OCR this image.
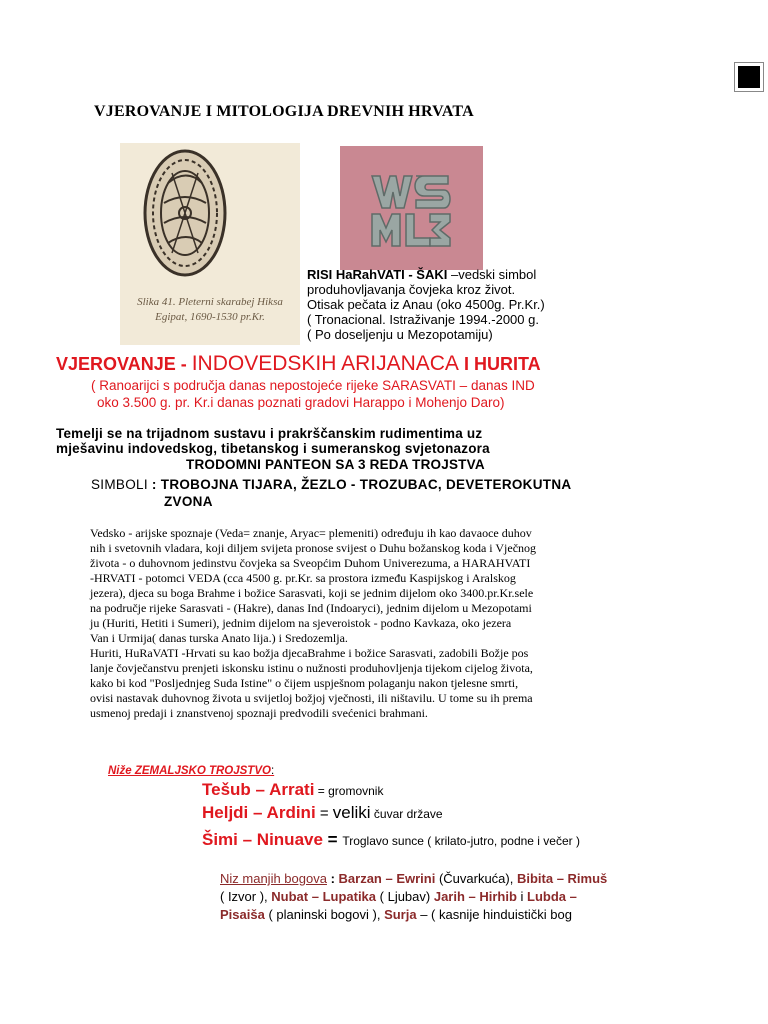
VJEROVANJE I MITOLOGIJA DREVNIH HRVATA
Slika 41. Pleterni skarabej Hiksa
Egipat, 1690-1530 pr.Kr.
RISI HaRahVATI - ŠAKI –vedski simbol
produhovljavanja čovjeka kroz život.
Otisak pečata iz Anau (oko 4500g. Pr.Kr.)
( Tronacional. Istraživanje 1994.-2000 g.
( Po doseljenju u Mezopotamiju)
VJEROVANJE - INDOVEDSKIH ARIJANACA I HURITA
( Ranoarijci s područja danas nepostojeće rijeke SARASVATI – danas IND
oko 3.500 g. pr. Kr.i danas poznati gradovi Harappo i Mohenjo Daro)
Temelji se na trijadnom sustavu i prakrščanskim rudimentima uz
mješavinu indovedskog, tibetanskog i sumeranskog svjetonazora
TRODOMNI PANTEON SA 3 REDA TROJSTVA
SIMBOLI : TROBOJNA TIJARA, ŽEZLO - TROZUBAC, DEVETEROKUTNA
ZVONA

Vedsko - arijske spoznaje (Veda= znanje, Aryac= plemeniti) određuju ih kao davaoce duhov

nih i svetovnih vladara, koji diljem svijeta pronose svijest o Duhu božanskog koda i Vječnog

života - o duhovnom jedinstvu čovjeka sa Sveopćim Duhom Univerezuma, a HARAHVATI

-HRVATI - potomci VEDA (cca 4500 g. pr.Kr. sa prostora između Kaspijskog i Aralskog

jezera), djeca su boga Brahme i božice Sarasvati, koji se jednim dijelom oko 3400.pr.Kr.sele

na područje rijeke Sarasvati - (Hakre), danas Ind (Indoaryci), jednim dijelom u Mezopotami

ju (Huriti, Hetiti i Sumeri), jednim dijelom na sjeveroistok - podno Kavkaza, oko jezera

Van i Urmija( danas turska Anato lija.) i Sredozemlja.

Huriti, HuRaVATI -Hrvati su kao božja djecaBrahme i božice Sarasvati, zadobili Božje pos

lanje čovječanstvu prenjeti iskonsku istinu o nužnosti produhovljenja tijekom cijelog života,

kako bi kod "Posljednjeg Suda Istine" o čijem uspješnom polaganju nakon tjelesne smrti,

ovisi nastavak duhovnog života u svijetloj božjoj vječnosti, ili ništavilu. U tome su ih prema

usmenoj predaji i znanstvenoj spoznaji predvodili svećenici brahmani.

Niže ZEMALJSKO TROJSTVO:
Tešub – Arrati = gromovnik
Heljdi – Ardini = veliki čuvar države
Šimi – Ninuave = Troglavo sunce ( krilato-jutro, podne i večer )
Niz manjih bogova : Barzan – Ewrini (Čuvarkuća), Bibita – Rimuš
( Izvor ), Nubat – Lupatika ( Ljubav) Jarih – Hirhib i Lubda –
Pisaiša ( planinski bogovi ), Surja – ( kasnije hinduistički bog
